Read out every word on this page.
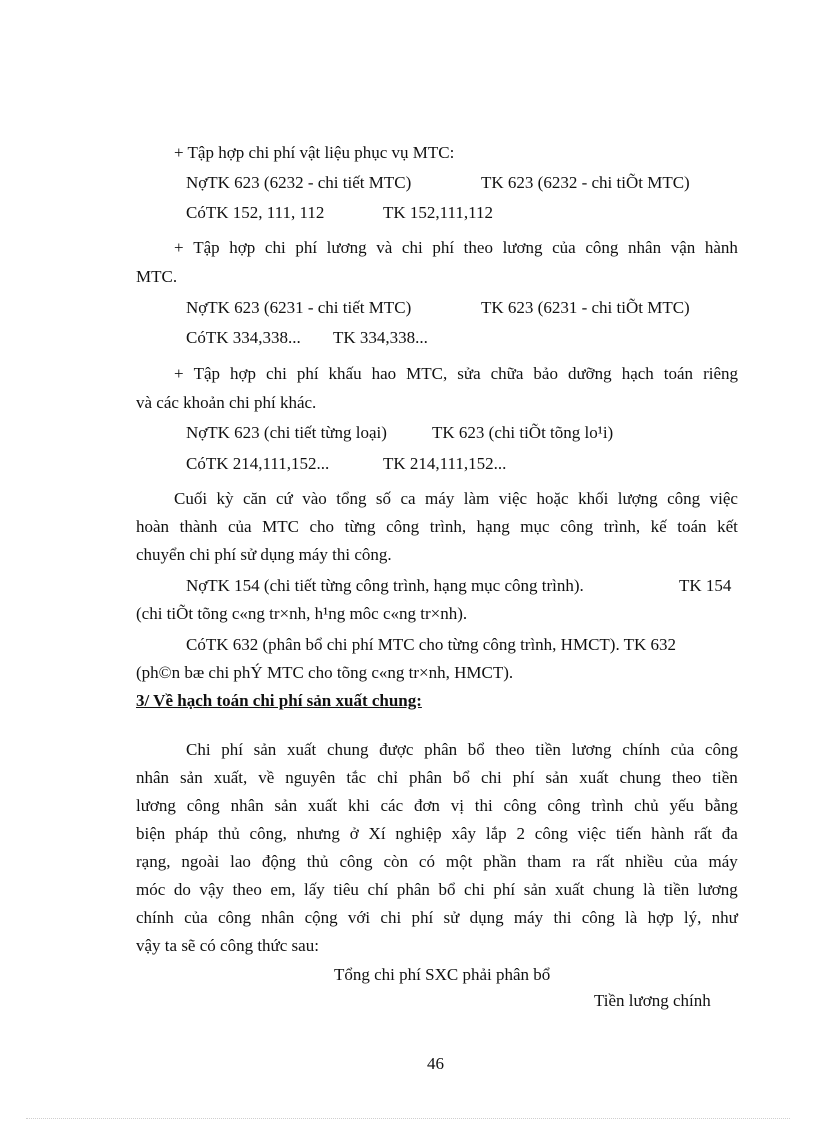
+ Tập hợp chi phí vật liệu phục vụ MTC:

NợTK 623 (6232 - chi tiết MTC)	TK 623 (6232 - chi tiÕt MTC)

CóTK 152, 111, 112	TK 152,111,112

+ Tập hợp chi phí lương và chi phí theo lương của công nhân vận hành

MTC.

NợTK 623 (6231 - chi tiết MTC)	TK 623 (6231 - chi tiÕt MTC)

CóTK 334,338... TK 334,338...

+ Tập hợp chi phí khấu hao MTC, sửa chữa bảo dưỡng hạch toán riêng

và các khoản chi phí khác.

NợTK 623 (chi tiết từng loại)	TK 623 (chi tiÕt tõng lo¹i)

CóTK 214,111,152...	TK 214,111,152...

Cuối kỳ căn cứ vào tổng số ca máy làm việc hoặc khối lượng công việc

hoàn thành của MTC cho từng công trình, hạng mục công trình, kế toán kết

chuyển chi phí sử dụng máy thi công.

NợTK 154 (chi tiết từng công trình, hạng mục công trình).	TK 154

(chi tiÕt tõng c«ng tr×nh, h¹ng môc c«ng tr×nh).

CóTK 632 (phân bổ chi phí MTC cho từng công trình, HMCT). TK 632

(ph©n bæ chi phÝ MTC cho tõng c«ng tr×nh, HMCT).

3/ Về hạch toán chi phí sản xuất chung:

Chi phí sản xuất chung được phân bổ theo tiền lương chính của công

nhân sản xuất, về nguyên tắc chỉ phân bổ chi phí sản xuất chung theo tiền

lương công nhân sản xuất khi các đơn vị thi công công trình chủ yếu bằng

biện pháp thủ công, nhưng ở Xí nghiệp xây lắp 2 công việc tiến hành rất đa

rạng, ngoài lao động thủ công còn có một phần tham ra rất nhiều của máy

móc do vậy theo em, lấy tiêu chí phân bổ chi phí sản xuất chung là tiền lương

chính của công nhân cộng với chi phí sử dụng máy thi công là hợp lý, như

vậy ta sẽ có công thức sau:

Tổng chi phí SXC phải phân bổ

Tiền lương chính

46
